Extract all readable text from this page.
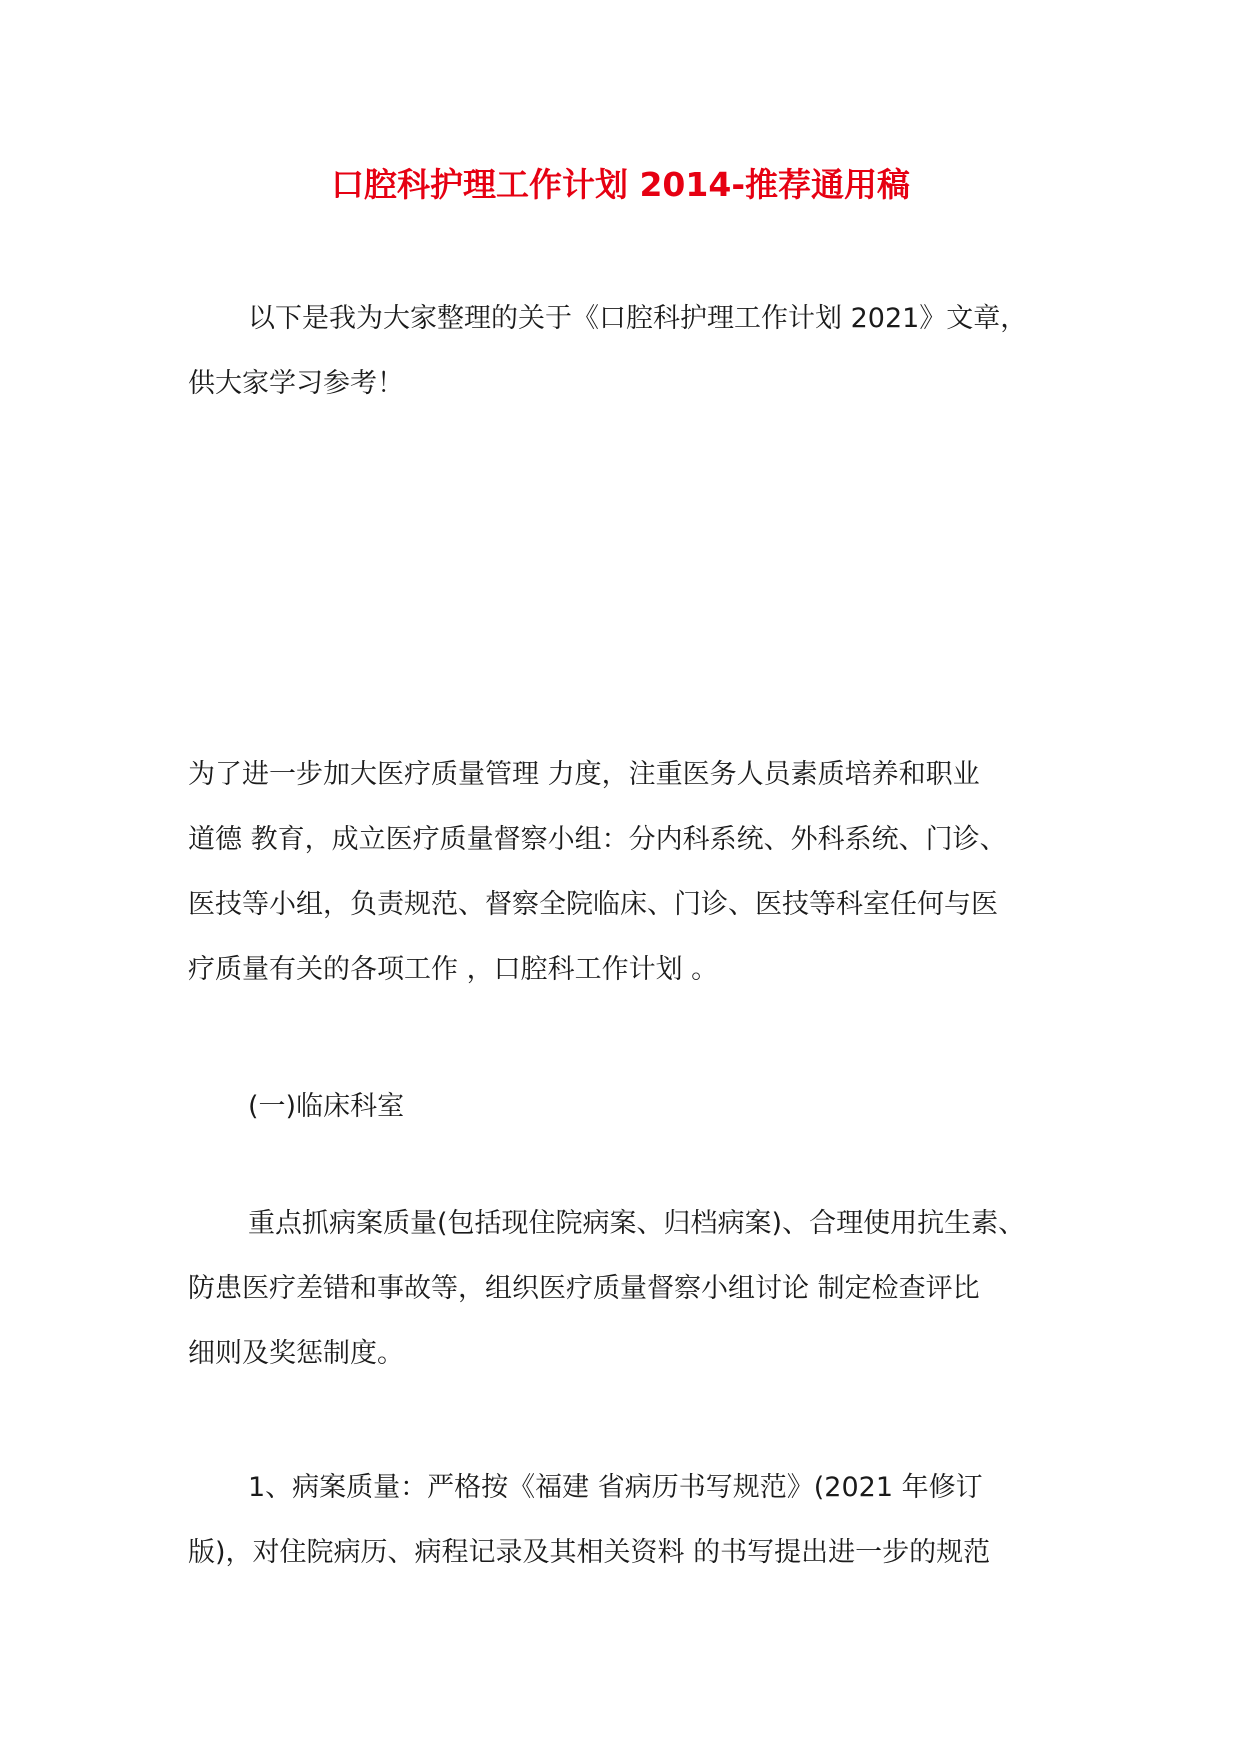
口腔科护理工作计划 2014-推荐通用稿
以下是我为大家整理的关于《口腔科护理工作计划 2021》文章，
供大家学习参考！
为了进一步加大医疗质量管理 力度，注重医务人员素质培养和职业
道德 教育，成立医疗质量督察小组：分内科系统、外科系统、门诊、
医技等小组，负责规范、督察全院临床、门诊、医技等科室任何与医
疗质量有关的各项工作 ，口腔科工作计划 。
(一)临床科室
重点抓病案质量(包括现住院病案、归档病案)、合理使用抗生素、
防患医疗差错和事故等，组织医疗质量督察小组讨论 制定检查评比
细则及奖惩制度。
1、病案质量：严格按《福建 省病历书写规范》(2021 年修订
版)，对住院病历、病程记录及其相关资料 的书写提出进一步的规范
